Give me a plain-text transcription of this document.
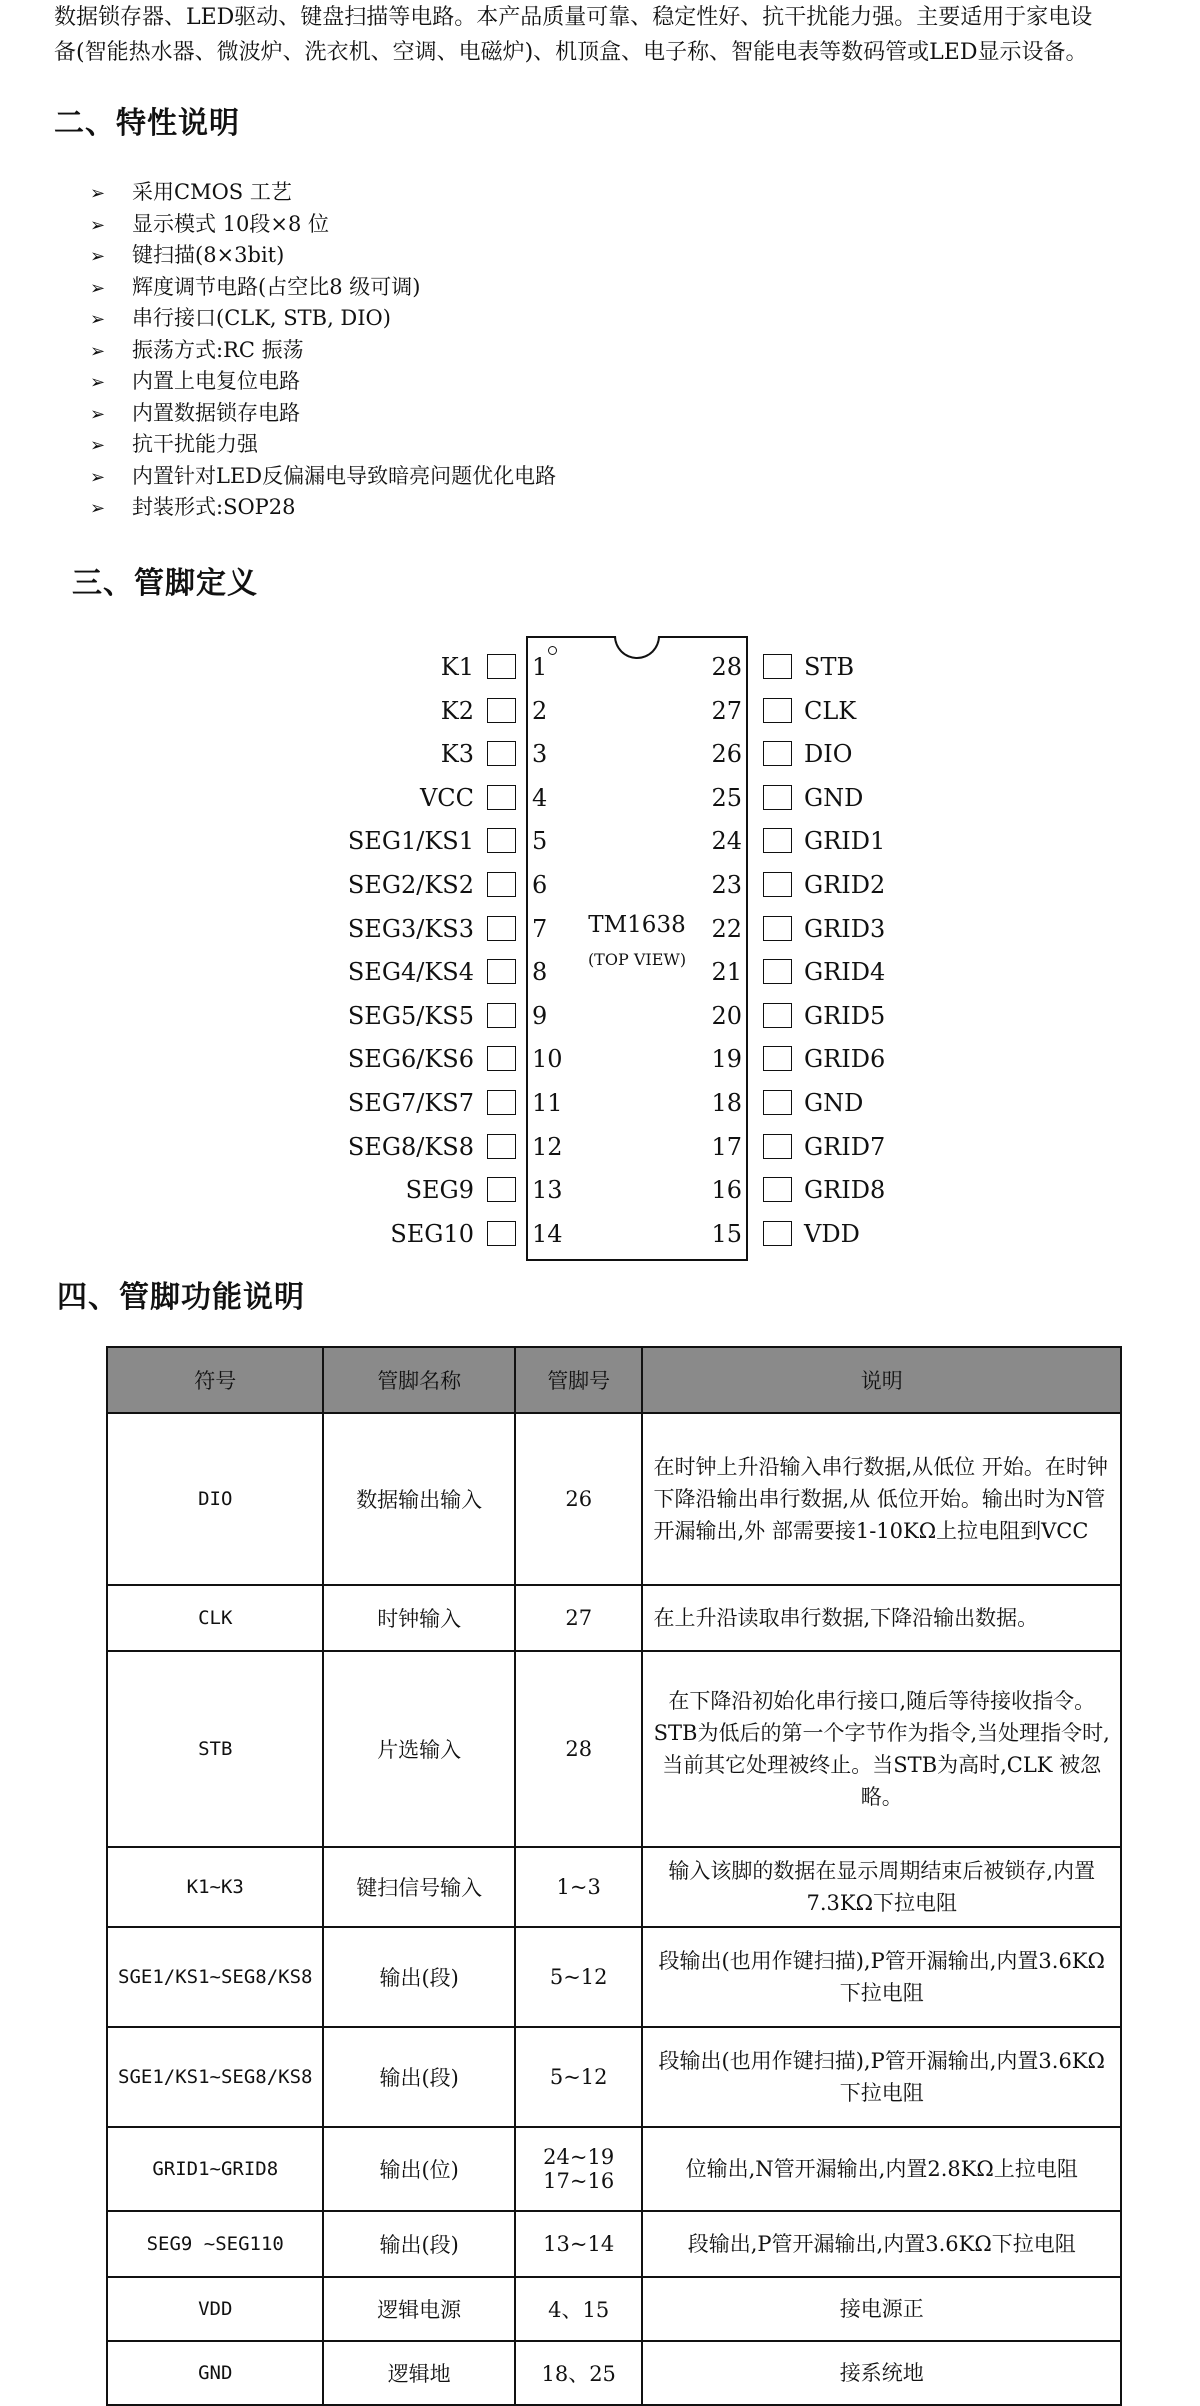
数据锁存器、LED驱动、键盘扫描等电路。本产品质量可靠、稳定性好、抗干扰能力强。主要适用于家电设

备(智能热水器、微波炉、洗衣机、空调、电磁炉)、机顶盒、电子称、智能电表等数码管或LED显示设备。

二、特性说明
➢ 采用CMOS 工艺
➢ 显示模式 10段×8 位
➢ 键扫描(8×3bit)
➢ 辉度调节电路(占空比8 级可调)
➢ 串行接口(CLK, STB, DIO)
➢ 振荡方式:RC 振荡
➢ 内置上电复位电路
➢ 内置数据锁存电路
➢ 抗干扰能力强
➢ 内置针对LED反偏漏电导致暗亮问题优化电路
➢ 封装形式:SOP28
三、管脚定义
TM1638
(TOP VIEW)
K1 1
K2 2
K3 3
VCC 4
SEG1/KS1 5
SEG2/KS2 6
SEG3/KS3 7
SEG4/KS4 8
SEG5/KS5 9
SEG6/KS6 10
SEG7/KS7 11
SEG8/KS8 12
SEG9 13
SEG10 14
28	STB
27	CLK
26	DIO
25	GND
24	GRID1
23	GRID2
22	GRID3
21	GRID4
20	GRID5
19	GRID6
18	GND
17	GRID7
16	GRID8
15	VDD
四、管脚功能说明
符号	管脚名称	管脚号	说明
DIO	数据输出输入	26	在时钟上升沿输入串行数据,从低位 开始。在时钟下降沿输出串行数据,从 低位开始。输出时为N管开漏输出,外 部需要接1-10KΩ上拉电阻到VCC
CLK	时钟输入	27	在上升沿读取串行数据,下降沿输出数据。
STB	片选输入	28	在下降沿初始化串行接口,随后等待接收指令。STB为低后的第一个字节作为指令,当处理指令时,当前其它处理被终止。当STB为高时,CLK 被忽略。
K1~K3	键扫信号输入	1~3	输入该脚的数据在显示周期结束后被锁存,内置7.3KΩ下拉电阻
SGE1/KS1~SEG8/KS8	输出(段)	5~12	段输出(也用作键扫描),P管开漏输出,内置3.6KΩ下拉电阻
SGE1/KS1~SEG8/KS8	输出(段)	5~12	段输出(也用作键扫描),P管开漏输出,内置3.6KΩ下拉电阻
GRID1~GRID8	输出(位)	24~19 17~16	位输出,N管开漏输出,内置2.8KΩ上拉电阻
SEG9 ~SEG110	输出(段)	13~14	段输出,P管开漏输出,内置3.6KΩ下拉电阻
VDD	逻辑电源	4、15	接电源正
GND	逻辑地	18、25	接系统地
